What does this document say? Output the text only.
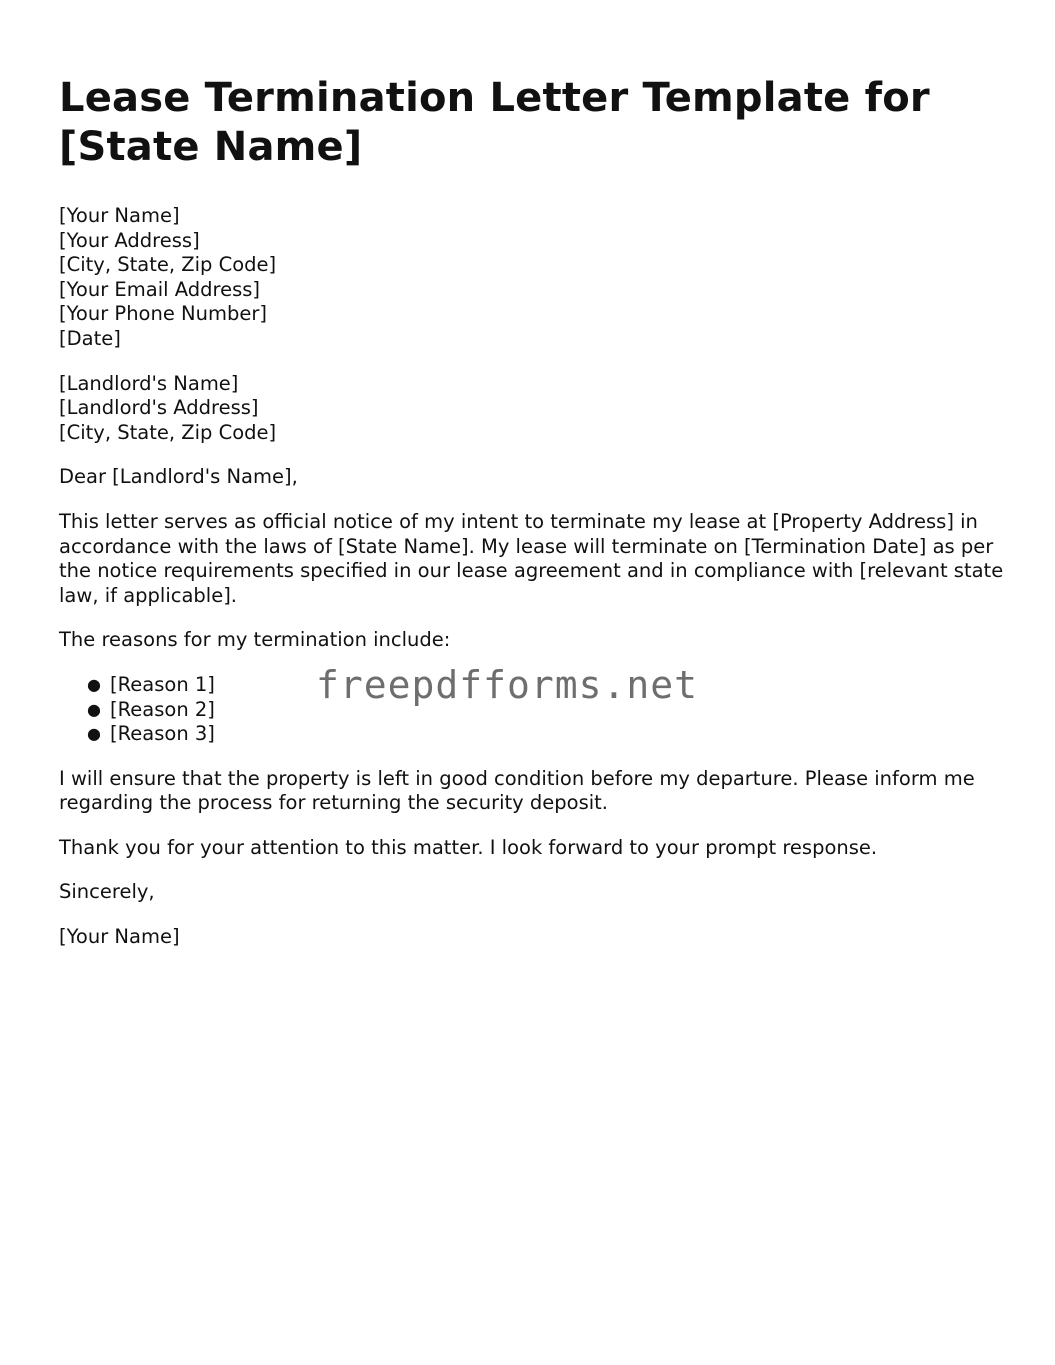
Lease Termination Letter Template for [State Name]

[Your Name]
[Your Address]
[City, State, Zip Code]
[Your Email Address]
[Your Phone Number]
[Date]

[Landlord's Name]
[Landlord's Address]
[City, State, Zip Code]

Dear [Landlord's Name],

This letter serves as official notice of my intent to terminate my lease at [Property Address] in accordance with the laws of [State Name]. My lease will terminate on [Termination Date] as per the notice requirements specified in our lease agreement and in compliance with [relevant state law, if applicable].

The reasons for my termination include:

● [Reason 1]
● [Reason 2]
● [Reason 3]

I will ensure that the property is left in good condition before my departure. Please inform me regarding the process for returning the security deposit.

Thank you for your attention to this matter. I look forward to your prompt response.

Sincerely,

[Your Name]

freepdfforms.net
